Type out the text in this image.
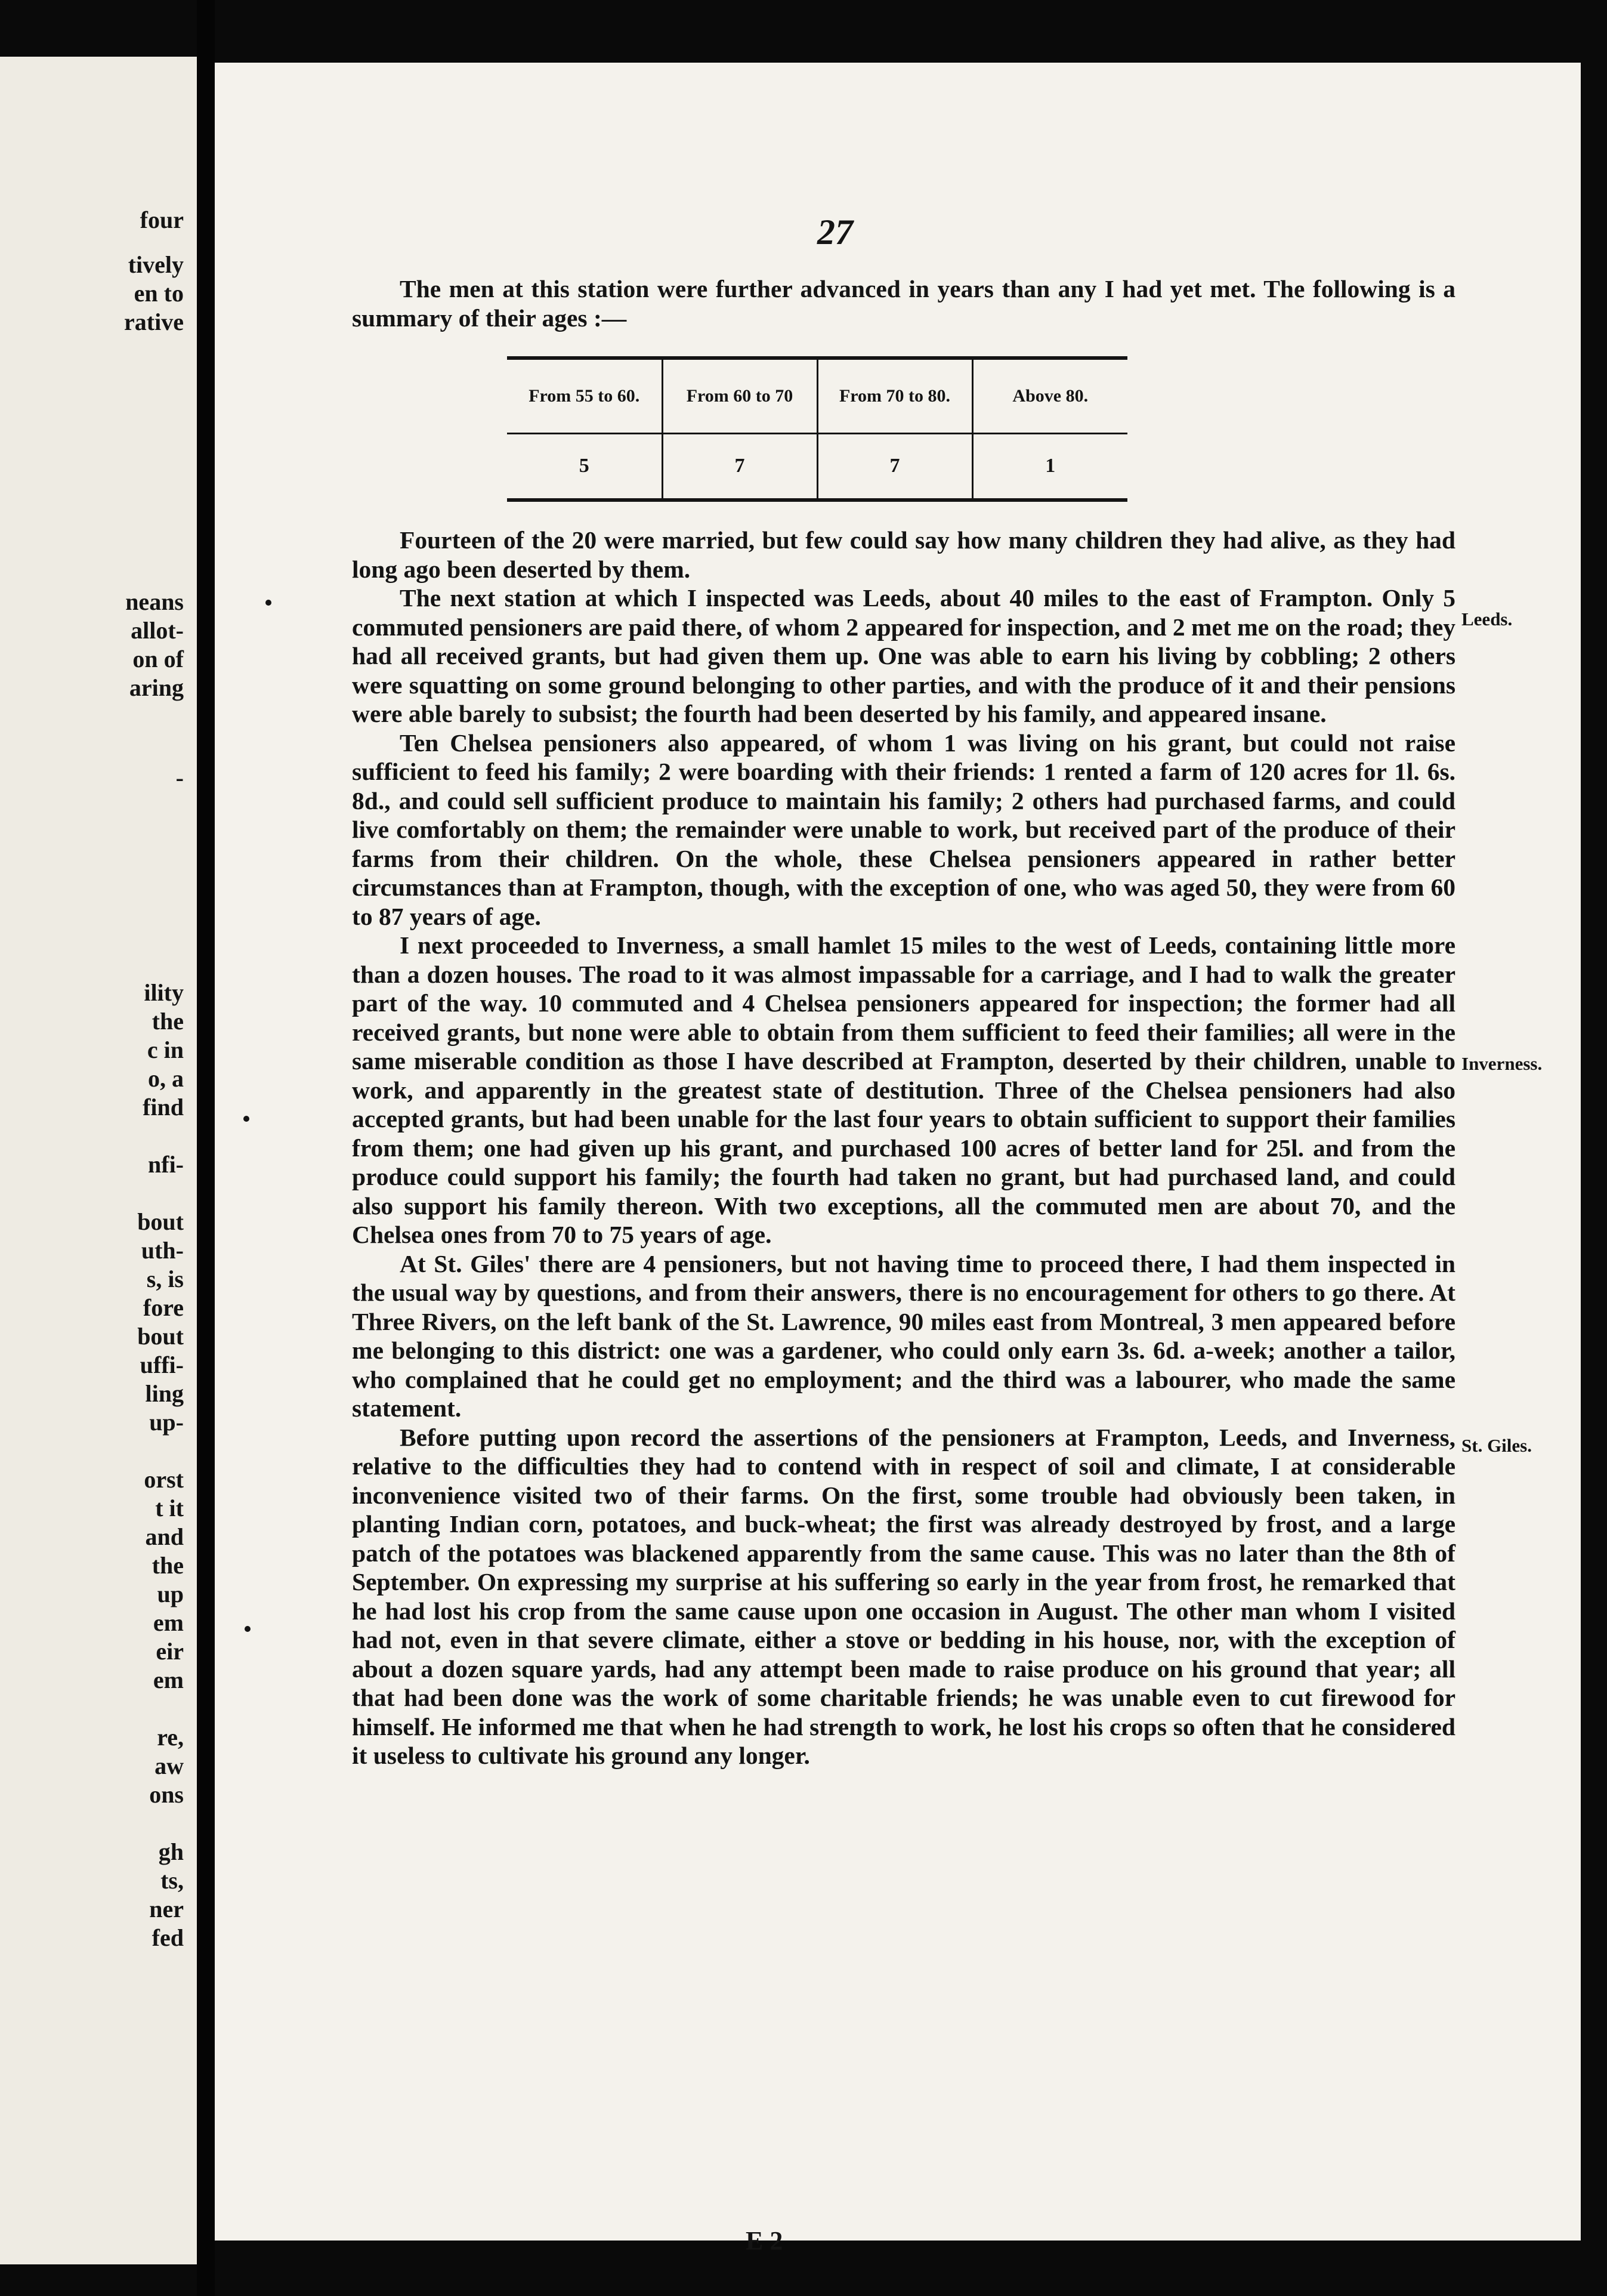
four
tively
en to
rative
neans
allot-
on of
aring
-
ility
the
c in
o, a
find
nfi-
bout
uth-
s, is
fore
bout
uffi-
ling
up-
orst
t it
and
the
up
em
eir
em
re,
aw
ons
gh
ts,
ner
fed
27

The men at this station were further advanced in years than any I had yet met. The following is a summary of their ages :—

From 55 to 60.	From 60 to 70	From 70 to 80.	Above 80.
5	7	7	1

Fourteen of the 20 were married, but few could say how many children they had alive, as they had long ago been deserted by them.

The next station at which I inspected was Leeds, about 40 miles to the east of Frampton. Only 5 commuted pensioners are paid there, of whom 2 appeared for inspection, and 2 met me on the road; they had all received grants, but had given them up. One was able to earn his living by cobbling; 2 others were squatting on some ground belonging to other parties, and with the produce of it and their pensions were able barely to subsist; the fourth had been deserted by his family, and appeared insane.

Ten Chelsea pensioners also appeared, of whom 1 was living on his grant, but could not raise sufficient to feed his family; 2 were boarding with their friends: 1 rented a farm of 120 acres for 1l. 6s. 8d., and could sell sufficient produce to maintain his family; 2 others had purchased farms, and could live comfortably on them; the remainder were unable to work, but received part of the produce of their farms from their children. On the whole, these Chelsea pensioners appeared in rather better circumstances than at Frampton, though, with the exception of one, who was aged 50, they were from 60 to 87 years of age.

I next proceeded to Inverness, a small hamlet 15 miles to the west of Leeds, containing little more than a dozen houses. The road to it was almost impassable for a carriage, and I had to walk the greater part of the way. 10 commuted and 4 Chelsea pensioners appeared for inspection; the former had all received grants, but none were able to obtain from them sufficient to feed their families; all were in the same miserable condition as those I have described at Frampton, deserted by their children, unable to work, and apparently in the greatest state of destitution. Three of the Chelsea pensioners had also accepted grants, but had been unable for the last four years to obtain sufficient to support their families from them; one had given up his grant, and purchased 100 acres of better land for 25l. and from the produce could support his family; the fourth had taken no grant, but had purchased land, and could also support his family thereon. With two exceptions, all the commuted men are about 70, and the Chelsea ones from 70 to 75 years of age.

At St. Giles' there are 4 pensioners, but not having time to proceed there, I had them inspected in the usual way by questions, and from their answers, there is no encouragement for others to go there. At Three Rivers, on the left bank of the St. Lawrence, 90 miles east from Montreal, 3 men appeared before me belonging to this district: one was a gardener, who could only earn 3s. 6d. a-week; another a tailor, who complained that he could get no employment; and the third was a labourer, who made the same statement.

Before putting upon record the assertions of the pensioners at Frampton, Leeds, and Inverness, relative to the difficulties they had to contend with in respect of soil and climate, I at considerable inconvenience visited two of their farms. On the first, some trouble had obviously been taken, in planting Indian corn, potatoes, and buck-wheat; the first was already destroyed by frost, and a large patch of the potatoes was blackened apparently from the same cause. This was no later than the 8th of September. On expressing my surprise at his suffering so early in the year from frost, he remarked that he had lost his crop from the same cause upon one occasion in August. The other man whom I visited had not, even in that severe climate, either a stove or bedding in his house, nor, with the exception of about a dozen square yards, had any attempt been made to raise produce on his ground that year; all that had been done was the work of some charitable friends; he was unable even to cut firewood for himself. He informed me that when he had strength to work, he lost his crops so often that he considered it useless to cultivate his ground any longer.

Leeds.
Inverness.
St. Giles.
E 2
